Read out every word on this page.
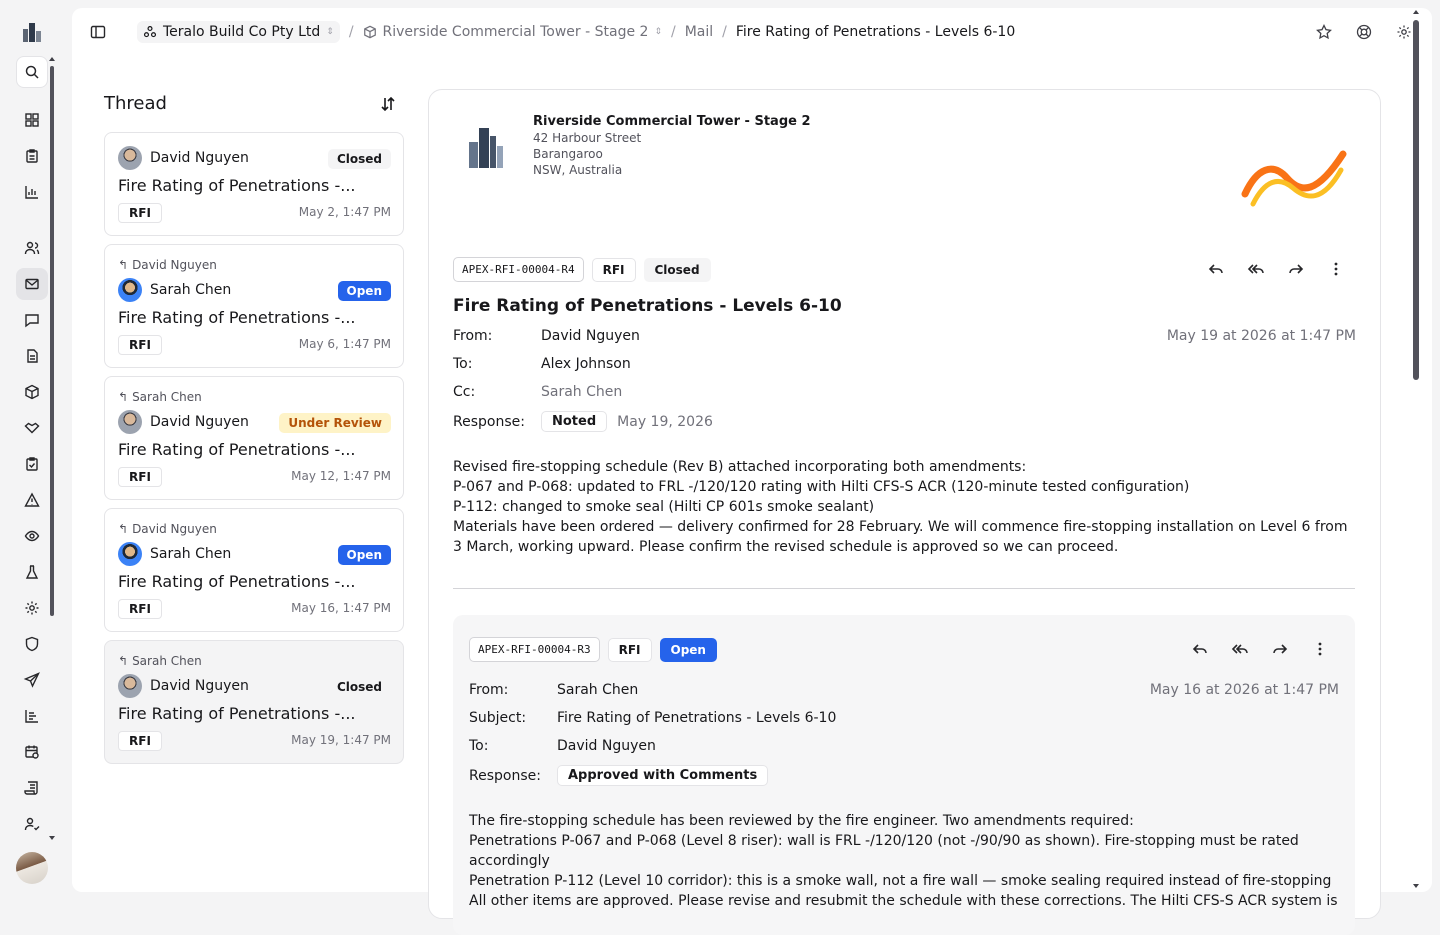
Teralo Build Co Pty Ltd ⇕ / Riverside Commercial Tower - Stage 2 ⇕ / Mail / Fire Rating of Penetrations - Levels 6-10
Thread
David Nguyen	Closed
Fire Rating of Penetrations -...
RFI	May 2, 1:47 PM
↰ David Nguyen
Sarah Chen	Open
Fire Rating of Penetrations -...
RFI	May 6, 1:47 PM
↰ Sarah Chen
David Nguyen	Under Review
Fire Rating of Penetrations -...
RFI	May 12, 1:47 PM
↰ David Nguyen
Sarah Chen	Open
Fire Rating of Penetrations -...
RFI	May 16, 1:47 PM
↰ Sarah Chen
David Nguyen	Closed
Fire Rating of Penetrations -...
RFI	May 19, 1:47 PM
Riverside Commercial Tower - Stage 2
42 Harbour Street
Barangaroo
NSW, Australia
APEX-RFI-00004-R4	RFI	Closed
Fire Rating of Penetrations - Levels 6-10
From:	David Nguyen	May 19 at 2026 at 1:47 PM
To:	Alex Johnson
Cc:	Sarah Chen
Response:	Noted	May 19, 2026
Revised fire-stopping schedule (Rev B) attached incorporating both amendments:
P-067 and P-068: updated to FRL -/120/120 rating with Hilti CFS-S ACR (120-minute tested configuration)
P-112: changed to smoke seal (Hilti CP 601s smoke sealant)
Materials have been ordered — delivery confirmed for 28 February. We will commence fire-stopping installation on Level 6 from
3 March, working upward. Please confirm the revised schedule is approved so we can proceed.
APEX-RFI-00004-R3	RFI	Open
From:	Sarah Chen	May 16 at 2026 at 1:47 PM
Subject:	Fire Rating of Penetrations - Levels 6-10
To:	David Nguyen
Response:	Approved with Comments
The fire-stopping schedule has been reviewed by the fire engineer. Two amendments required:
Penetrations P-067 and P-068 (Level 8 riser): wall is FRL -/120/120 (not -/90/90 as shown). Fire-stopping must be rated
accordingly
Penetration P-112 (Level 10 corridor): this is a smoke wall, not a fire wall — smoke sealing required instead of fire-stopping
All other items are approved. Please revise and resubmit the schedule with these corrections. The Hilti CFS-S ACR system is
